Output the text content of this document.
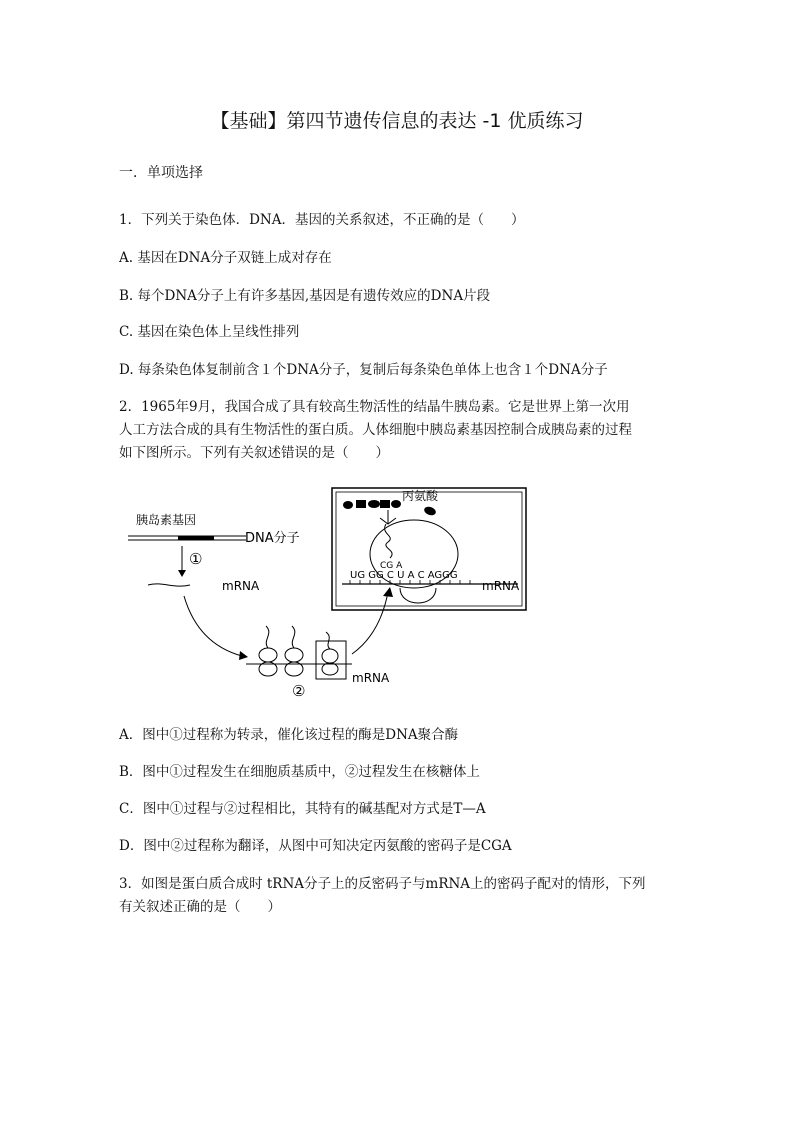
【基础】第四节遗传信息的表达 -1 优质练习
一．单项选择
1．下列关于染色体．DNA．基因的关系叙述，不正确的是（　　）
A. 基因在DNA分子双链上成对存在
B. 每个DNA分子上有许多基因,基因是有遗传效应的DNA片段
C. 基因在染色体上呈线性排列
D. 每条染色体复制前含１个DNA分子，复制后每条染色单体上也含１个DNA分子
2．1965年9月，我国合成了具有较高生物活性的结晶牛胰岛素。它是世界上第一次用
人工方法合成的具有生物活性的蛋白质。人体细胞中胰岛素基因控制合成胰岛素的过程
如下图所示。下列有关叙述错误的是（　　）
胰岛素基因
DNA分子
①
mRNA
②
mRNA
丙氨酸
CG A
UG GG C U A C AGGG
mRNA
A．图中①过程称为转录，催化该过程的酶是DNA聚合酶
B．图中①过程发生在细胞质基质中，②过程发生在核糖体上
C．图中①过程与②过程相比，其特有的碱基配对方式是T—A
D．图中②过程称为翻译，从图中可知决定丙氨酸的密码子是CGA
3．如图是蛋白质合成时 tRNA分子上的反密码子与mRNA上的密码子配对的情形，下列
有关叙述正确的是（　　）
